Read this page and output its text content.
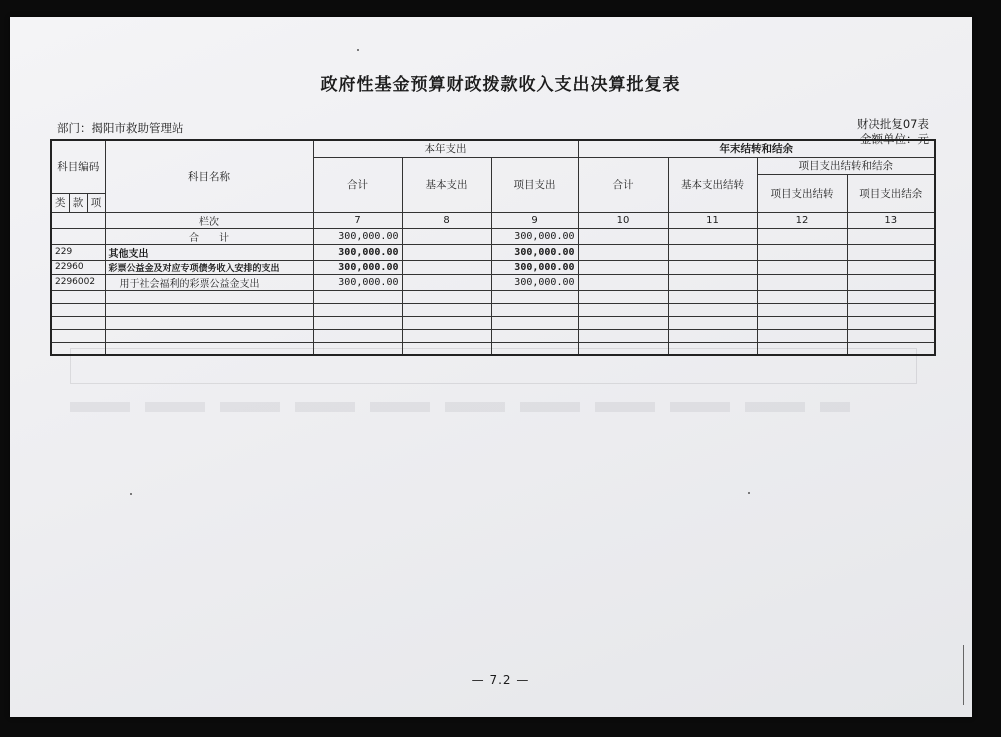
政府性基金预算财政拨款收入支出决算批复表
部门：揭阳市救助管理站	财决批复07表
金额单位：元
科目编码			科目名称	本年支出			年末结转和结余			
				合计	基本支出	项目支出	合计	基本支出结转	项目支出结转和结余	
									项目支出结转	项目支出结余
类	款	项								
			栏次	7	8	9	10	11	12	13
			合　　计	300,000.00		300,000.00				
229			其他支出	300,000.00		300,000.00				
22960			彩票公益金及对应专项债务收入安排的支出	300,000.00		300,000.00				
2296002			用于社会福利的彩票公益金支出	300,000.00		300,000.00				

— 7.2 —
